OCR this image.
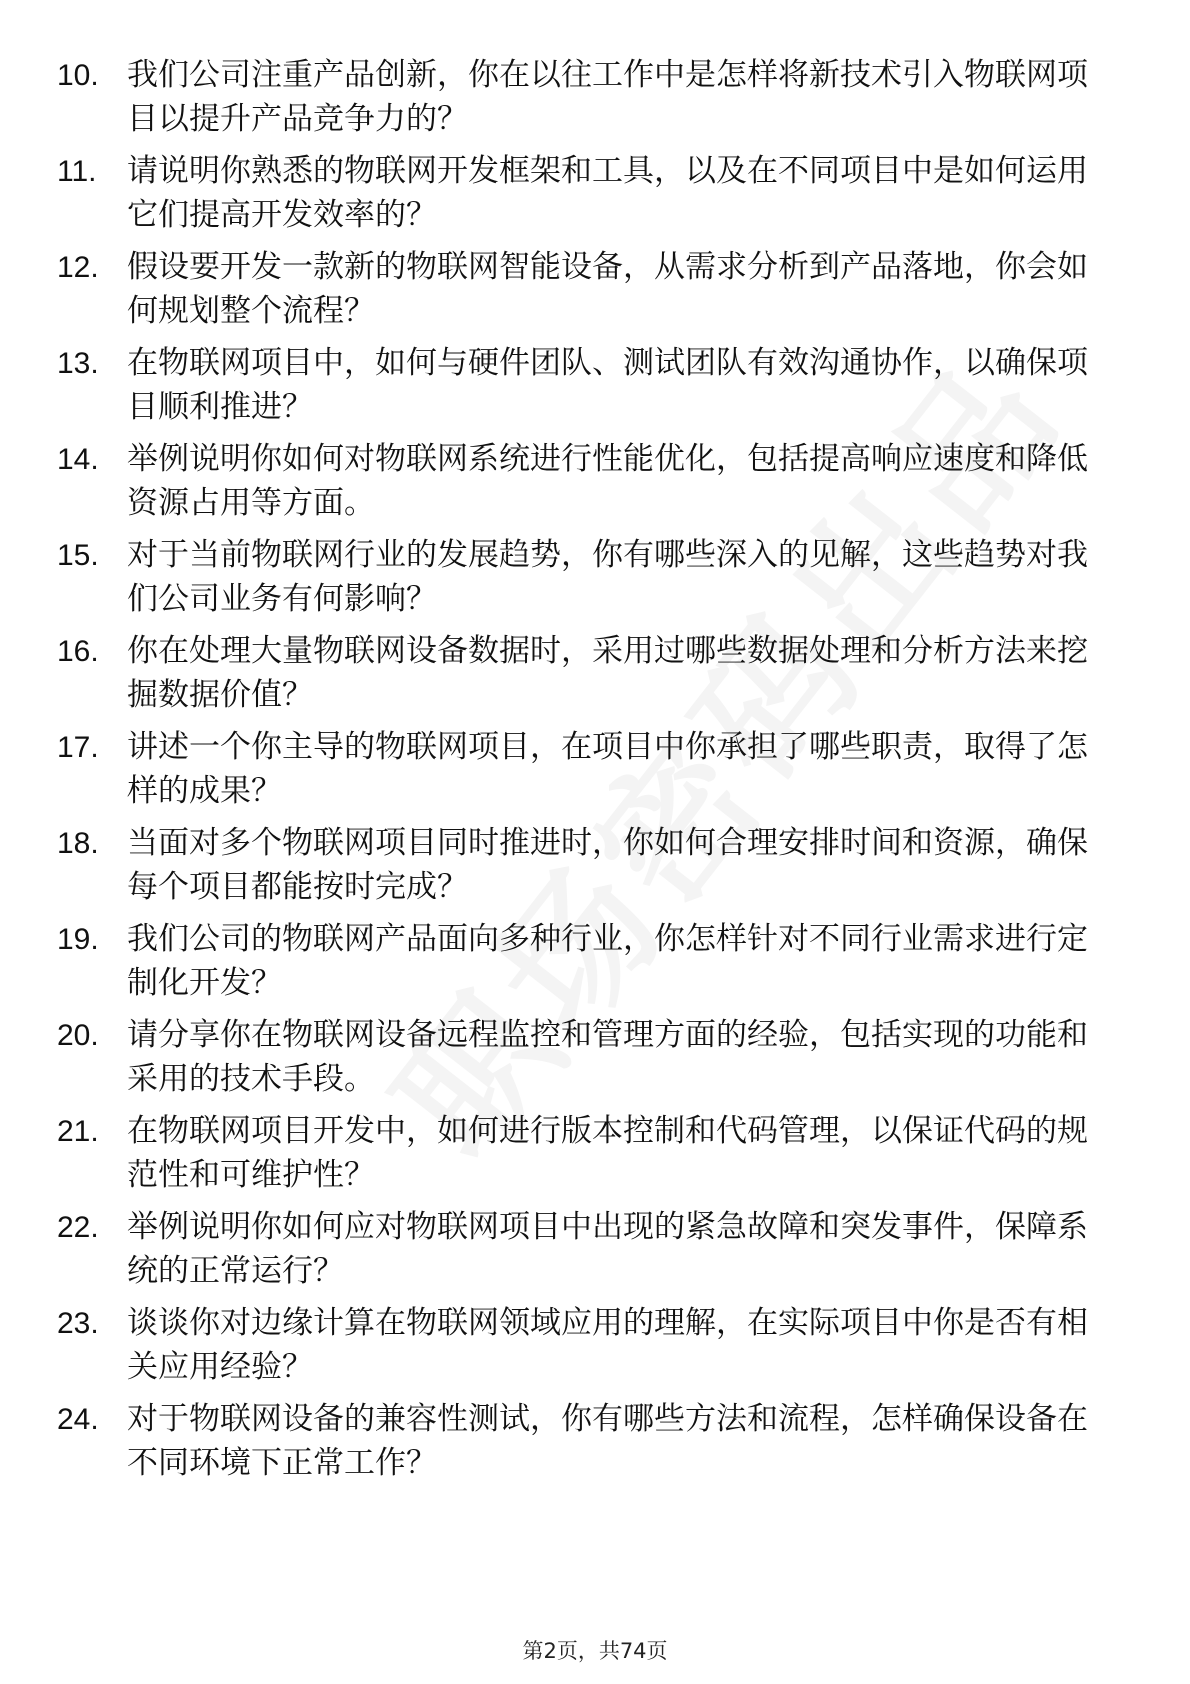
10. 我们公司注重产品创新，你在以往工作中是怎样将新技术引入物联网项目以提升产品竞争力的？
11. 请说明你熟悉的物联网开发框架和工具，以及在不同项目中是如何运用它们提高开发效率的？
12. 假设要开发一款新的物联网智能设备，从需求分析到产品落地，你会如何规划整个流程？
13. 在物联网项目中，如何与硬件团队、测试团队有效沟通协作，以确保项目顺利推进？
14. 举例说明你如何对物联网系统进行性能优化，包括提高响应速度和降低资源占用等方面。
15. 对于当前物联网行业的发展趋势，你有哪些深入的见解，这些趋势对我们公司业务有何影响？
16. 你在处理大量物联网设备数据时，采用过哪些数据处理和分析方法来挖掘数据价值？
17. 讲述一个你主导的物联网项目，在项目中你承担了哪些职责，取得了怎样的成果？
18. 当面对多个物联网项目同时推进时，你如何合理安排时间和资源，确保每个项目都能按时完成？
19. 我们公司的物联网产品面向多种行业，你怎样针对不同行业需求进行定制化开发？
20. 请分享你在物联网设备远程监控和管理方面的经验，包括实现的功能和采用的技术手段。
21. 在物联网项目开发中，如何进行版本控制和代码管理，以保证代码的规范性和可维护性？
22. 举例说明你如何应对物联网项目中出现的紧急故障和突发事件，保障系统的正常运行？
23. 谈谈你对边缘计算在物联网领域应用的理解，在实际项目中你是否有相关应用经验？
24. 对于物联网设备的兼容性测试，你有哪些方法和流程，怎样确保设备在不同环境下正常工作？
第2页，共74页
